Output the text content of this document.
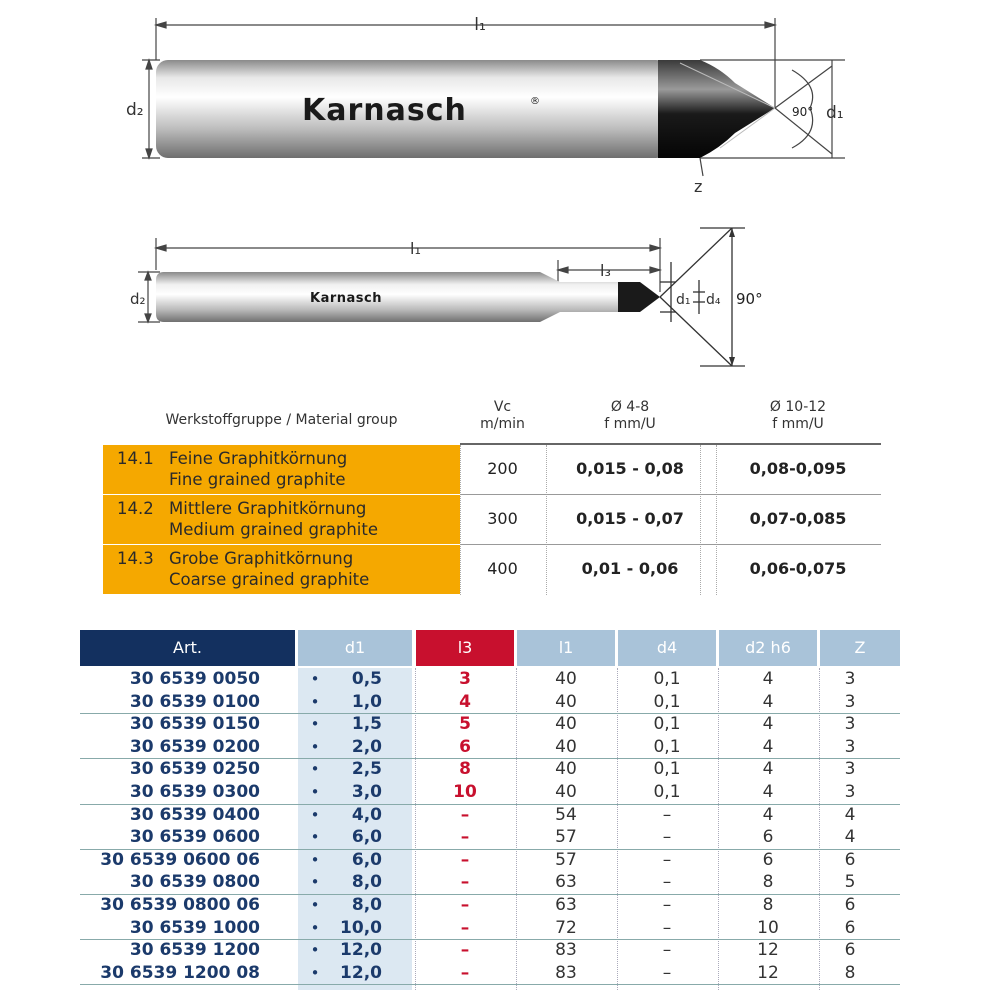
l₁
d₂	Karnasch	®
90° d₁
z
l₁
l₃
d₂	Karnasch	d₁ d₄ 90°
Werkstoffgruppe / Material group
Vc
m/min
Ø 4-8
f mm/U
Ø 10-12
f mm/U
14.1 Feine Graphitkörnung
Fine grained graphite
200	0,015 - 0,08	0,08-0,095
14.2 Mittlere Graphitkörnung
Medium grained graphite
300	0,015 - 0,07	0,07-0,085
14.3 Grobe Graphitkörnung
Coarse grained graphite
400	0,01 - 0,06	0,06-0,075
Art.	d1	l3	l1	d4	d2 h6	Z
30 6539 0050	•	0,5	3	40	0,1	4	3
30 6539 0100	•	1,0	4	40	0,1	4	3
30 6539 0150	•	1,5	5	40	0,1	4	3
30 6539 0200	•	2,0	6	40	0,1	4	3
30 6539 0250	•	2,5	8	40	0,1	4	3
30 6539 0300	•	3,0	10	40	0,1	4	3
30 6539 0400	•	4,0	–	54	–	4	4
30 6539 0600	•	6,0	–	57	–	6	4
30 6539 0600 06	•	6,0	–	57	–	6	6
30 6539 0800	•	8,0	–	63	–	8	5
30 6539 0800 06	•	8,0	–	63	–	8	6
30 6539 1000	•	10,0	–	72	–	10	6
30 6539 1200	•	12,0	–	83	–	12	6
30 6539 1200 08	•	12,0	–	83	–	12	8
